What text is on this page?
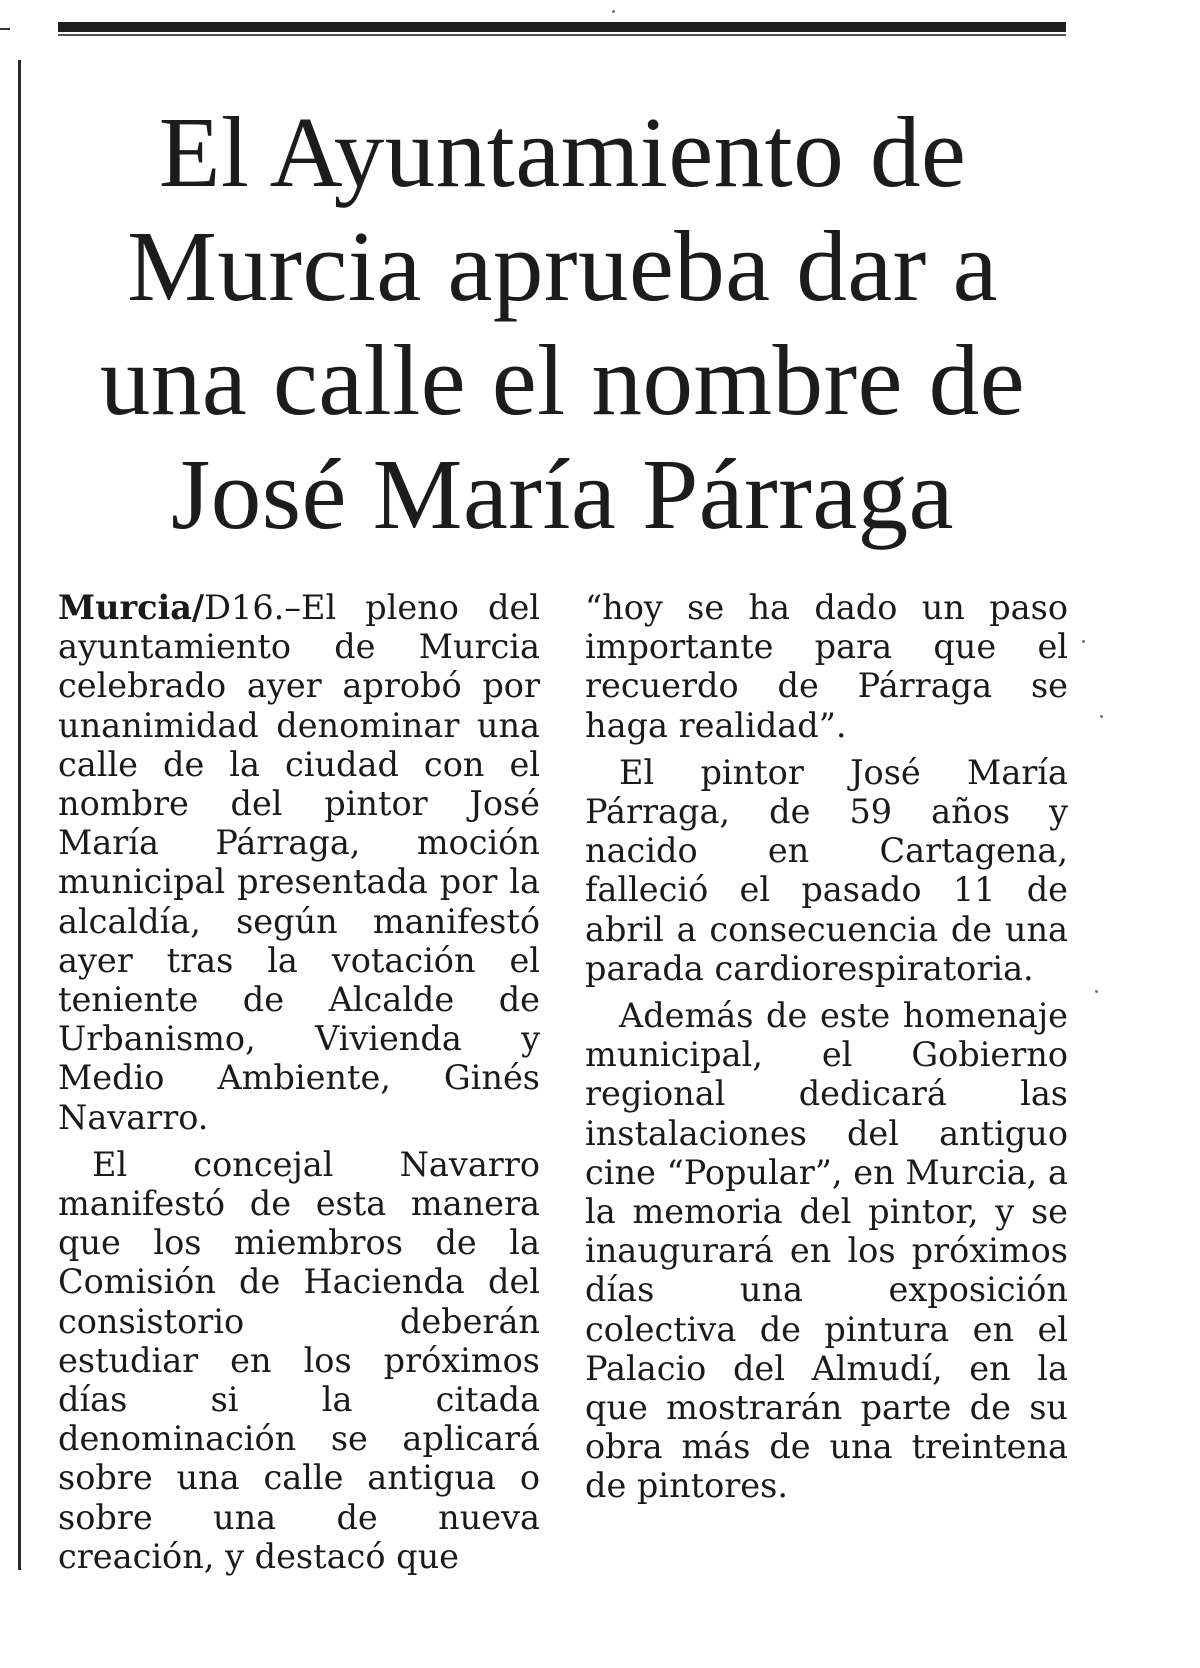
El Ayuntamiento de Murcia aprueba dar a una calle el nombre de José María Párraga

Murcia/D16.–El pleno del ayuntamiento de Murcia celebrado ayer aprobó por unanimidad denominar una calle de la ciudad con el nombre del pintor José María Párraga, moción municipal presentada por la alcaldía, según manifestó ayer tras la votación el teniente de Alcalde de Urbanismo, Vivienda y Medio Ambiente, Ginés Navarro.

El concejal Navarro manifestó de esta manera que los miembros de la Comisión de Hacienda del consistorio deberán estudiar en los próximos días si la citada denominación se aplicará sobre una calle antigua o sobre una de nueva creación, y destacó que

“hoy se ha dado un paso importante para que el recuerdo de Párraga se haga realidad”.

El pintor José María Párraga, de 59 años y nacido en Cartagena, falleció el pasado 11 de abril a consecuencia de una parada cardiorespiratoria.

Además de este homenaje municipal, el Gobierno regional dedicará las instalaciones del antiguo cine “Popular”, en Murcia, a la memoria del pintor, y se inaugurará en los próximos días una exposición colectiva de pintura en el Palacio del Almudí, en la que mostrarán parte de su obra más de una treintena de pintores.
